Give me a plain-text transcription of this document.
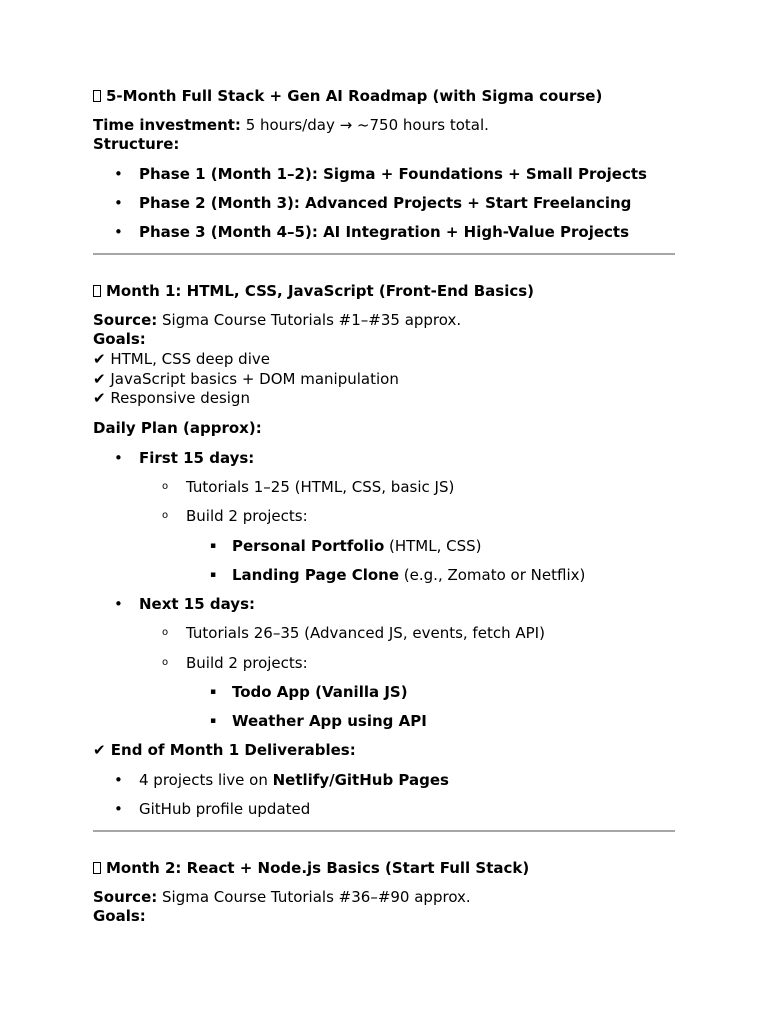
5-Month Full Stack + Gen AI Roadmap (with Sigma course)
Time investment: 5 hours/day → ~750 hours total.
Structure:
• Phase 1 (Month 1–2): Sigma + Foundations + Small Projects
• Phase 2 (Month 3): Advanced Projects + Start Freelancing
• Phase 3 (Month 4–5): AI Integration + High-Value Projects
Month 1: HTML, CSS, JavaScript (Front-End Basics)
Source: Sigma Course Tutorials #1–#35 approx.
Goals:
✔ HTML, CSS deep dive
✔ JavaScript basics + DOM manipulation
✔ Responsive design
Daily Plan (approx):
• First 15 days:
o Tutorials 1–25 (HTML, CSS, basic JS)
o Build 2 projects:
▪ Personal Portfolio (HTML, CSS)
▪ Landing Page Clone (e.g., Zomato or Netflix)
• Next 15 days:
o Tutorials 26–35 (Advanced JS, events, fetch API)
o Build 2 projects:
▪ Todo App (Vanilla JS)
▪ Weather App using API
✔ End of Month 1 Deliverables:
• 4 projects live on Netlify/GitHub Pages
• GitHub profile updated
Month 2: React + Node.js Basics (Start Full Stack)
Source: Sigma Course Tutorials #36–#90 approx.
Goals:
